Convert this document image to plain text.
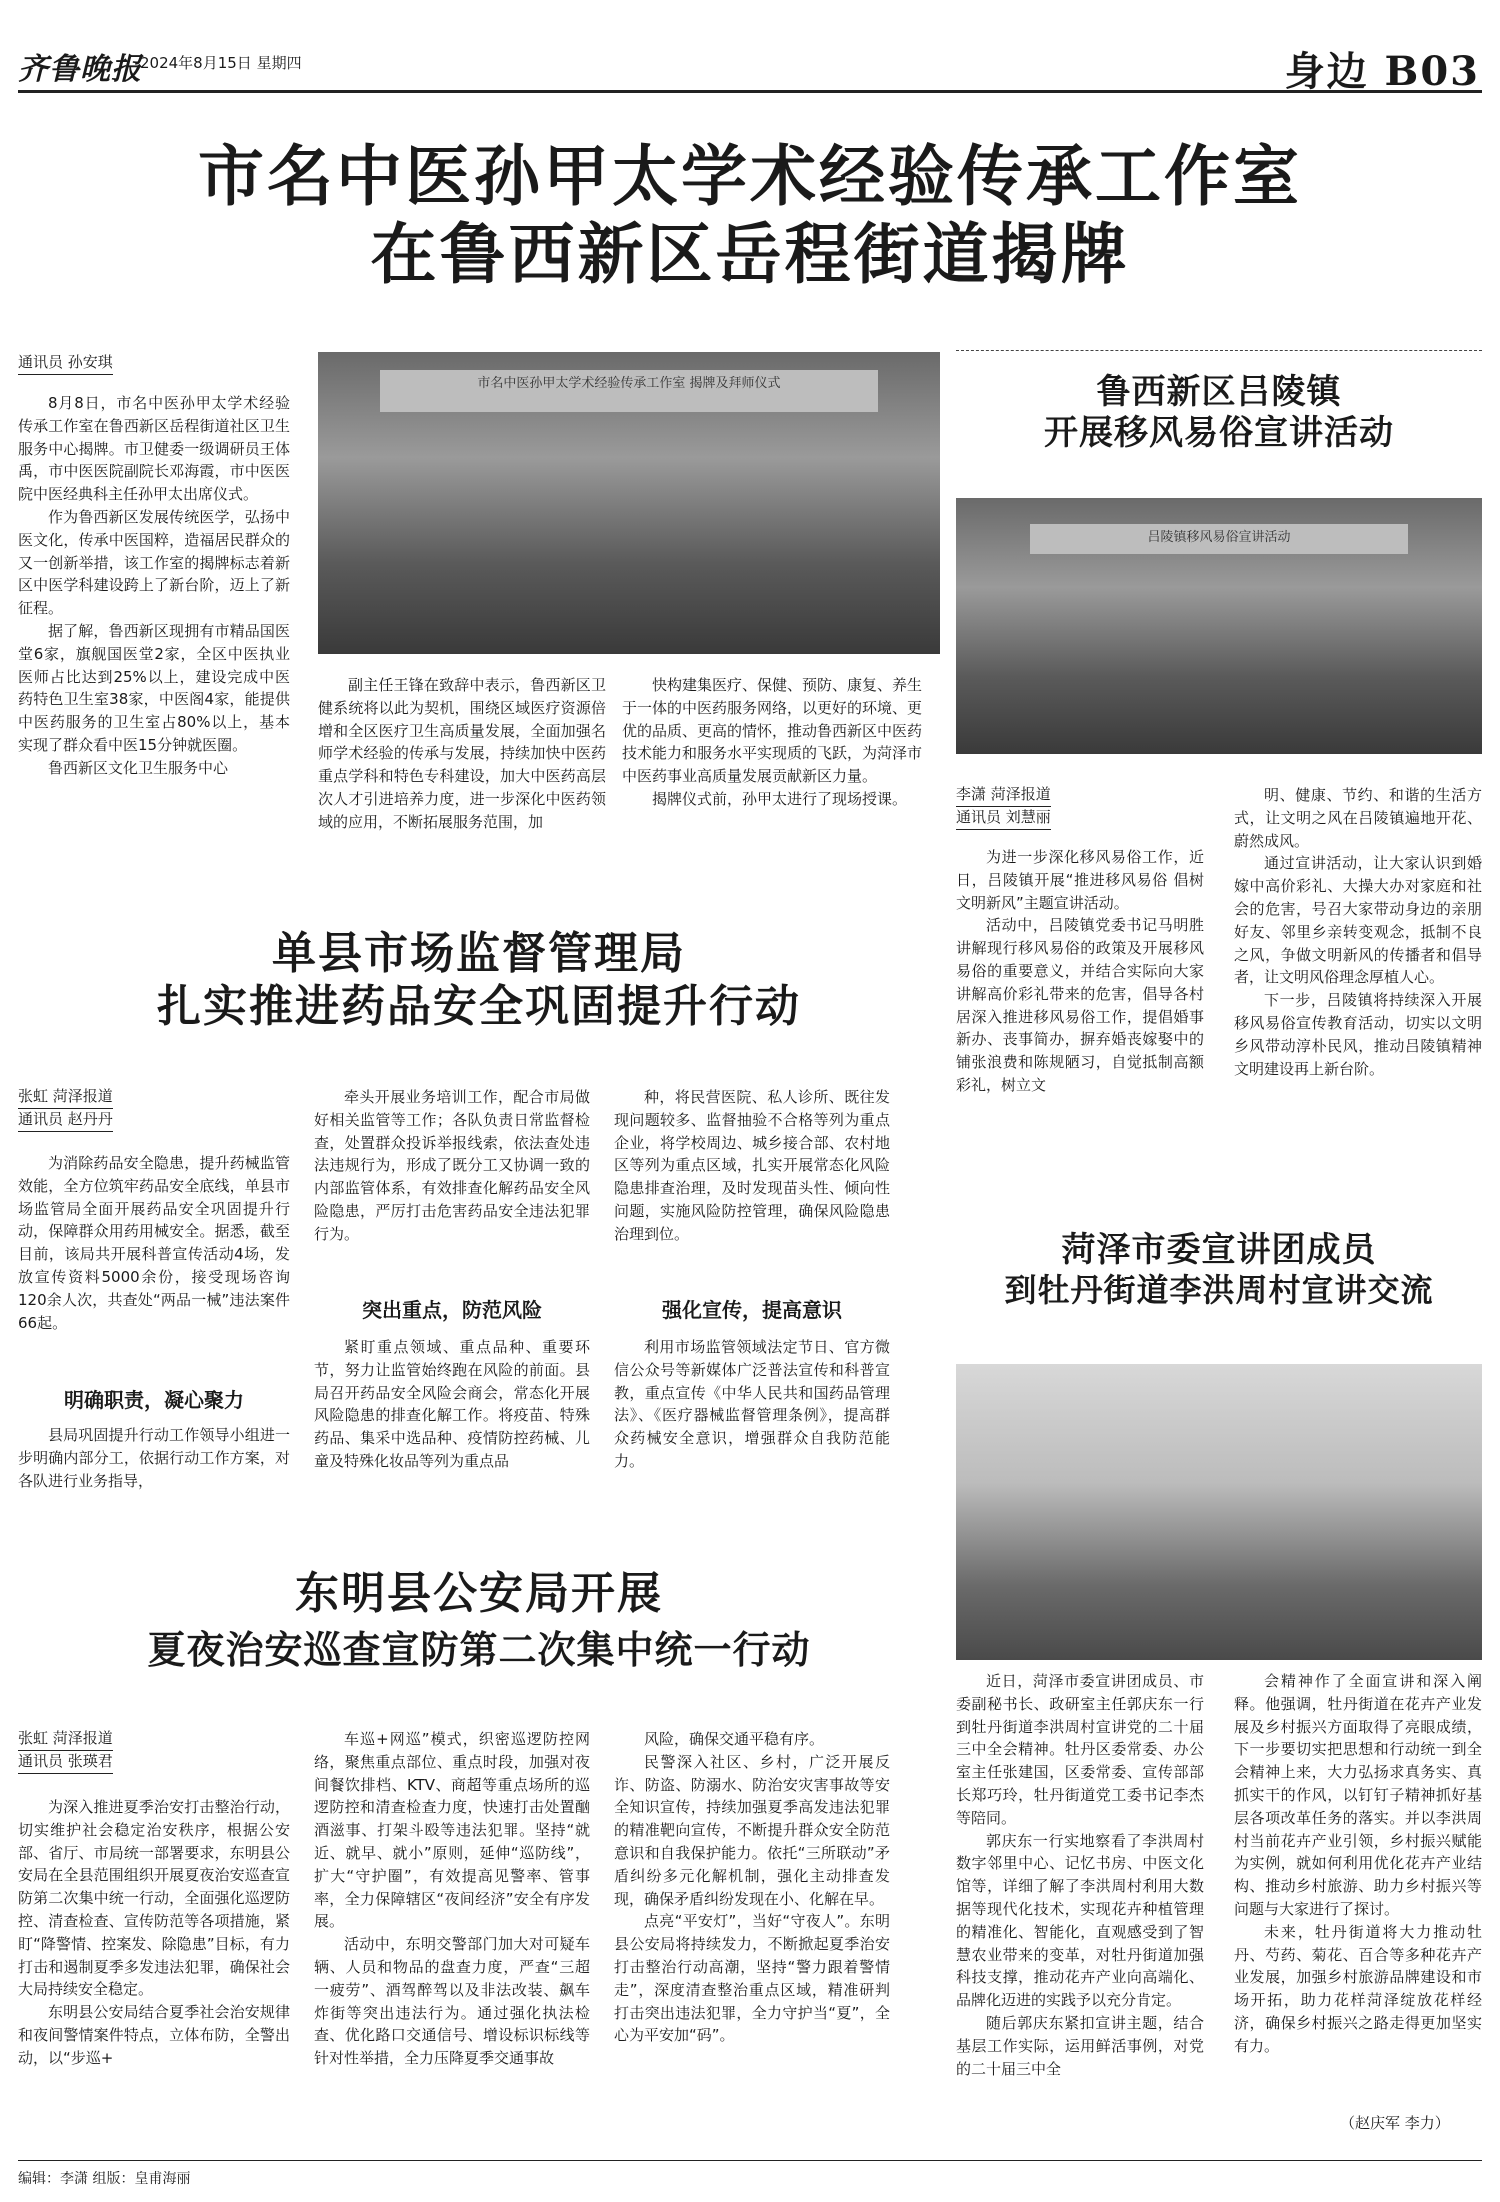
齐鲁晚报
2024年8月15日 星期四	身边 B03
市名中医孙甲太学术经验传承工作室
在鲁西新区岳程街道揭牌
通讯员 孙安琪

8月8日，市名中医孙甲太学术经验传承工作室在鲁西新区岳程街道社区卫生服务中心揭牌。市卫健委一级调研员王体禹，市中医医院副院长邓海霞，市中医医院中医经典科主任孙甲太出席仪式。

作为鲁西新区发展传统医学，弘扬中医文化，传承中医国粹，造福居民群众的又一创新举措，该工作室的揭牌标志着新区中医学科建设跨上了新台阶，迈上了新征程。

据了解，鲁西新区现拥有市精品国医堂6家，旗舰国医堂2家，全区中医执业医师占比达到25%以上，建设完成中医药特色卫生室38家，中医阁4家，能提供中医药服务的卫生室占80%以上，基本实现了群众看中医15分钟就医圈。

鲁西新区文化卫生服务中心

市名中医孙甲太学术经验传承工作室 揭牌及拜师仪式

副主任王锋在致辞中表示，鲁西新区卫健系统将以此为契机，围绕区域医疗资源倍增和全区医疗卫生高质量发展，全面加强名师学术经验的传承与发展，持续加快中医药重点学科和特色专科建设，加大中医药高层次人才引进培养力度，进一步深化中医药领域的应用，不断拓展服务范围，加

快构建集医疗、保健、预防、康复、养生于一体的中医药服务网络，以更好的环境、更优的品质、更高的情怀，推动鲁西新区中医药技术能力和服务水平实现质的飞跃，为菏泽市中医药事业高质量发展贡献新区力量。

揭牌仪式前，孙甲太进行了现场授课。

单县市场监督管理局
扎实推进药品安全巩固提升行动
张虹 菏泽报道
通讯员 赵丹丹

为消除药品安全隐患，提升药械监管效能，全方位筑牢药品安全底线，单县市场监管局全面开展药品安全巩固提升行动，保障群众用药用械安全。据悉，截至目前，该局共开展科普宣传活动4场，发放宣传资料5000余份，接受现场咨询120余人次，共查处“两品一械”违法案件66起。

明确职责，凝心聚力

县局巩固提升行动工作领导小组进一步明确内部分工，依据行动工作方案，对各队进行业务指导，

牵头开展业务培训工作，配合市局做好相关监管等工作；各队负责日常监督检查，处置群众投诉举报线索，依法查处违法违规行为，形成了既分工又协调一致的内部监管体系，有效排查化解药品安全风险隐患，严厉打击危害药品安全违法犯罪行为。

突出重点，防范风险

紧盯重点领域、重点品种、重要环节，努力让监管始终跑在风险的前面。县局召开药品安全风险会商会，常态化开展风险隐患的排查化解工作。将疫苗、特殊药品、集采中选品种、疫情防控药械、儿童及特殊化妆品等列为重点品

种，将民营医院、私人诊所、既往发现问题较多、监督抽验不合格等列为重点企业，将学校周边、城乡接合部、农村地区等列为重点区域，扎实开展常态化风险隐患排查治理，及时发现苗头性、倾向性问题，实施风险防控管理，确保风险隐患治理到位。

强化宣传，提高意识

利用市场监管领域法定节日、官方微信公众号等新媒体广泛普法宣传和科普宣教，重点宣传《中华人民共和国药品管理法》、《医疗器械监督管理条例》，提高群众药械安全意识，增强群众自我防范能力。

东明县公安局开展
夏夜治安巡查宣防第二次集中统一行动
张虹 菏泽报道
通讯员 张瑛君

为深入推进夏季治安打击整治行动，切实维护社会稳定治安秩序，根据公安部、省厅、市局统一部署要求，东明县公安局在全县范围组织开展夏夜治安巡查宣防第二次集中统一行动，全面强化巡逻防控、清查检查、宣传防范等各项措施，紧盯“降警情、控案发、除隐患”目标，有力打击和遏制夏季多发违法犯罪，确保社会大局持续安全稳定。

东明县公安局结合夏季社会治安规律和夜间警情案件特点，立体布防，全警出动，以“步巡+

车巡+网巡”模式，织密巡逻防控网络，聚焦重点部位、重点时段，加强对夜间餐饮排档、KTV、商超等重点场所的巡逻防控和清查检查力度，快速打击处置酗酒滋事、打架斗殴等违法犯罪。坚持“就近、就早、就小”原则，延伸“巡防线”，扩大“守护圈”，有效提高见警率、管事率，全力保障辖区“夜间经济”安全有序发展。

活动中，东明交警部门加大对可疑车辆、人员和物品的盘查力度，严查“三超一疲劳”、酒驾醉驾以及非法改装、飙车炸街等突出违法行为。通过强化执法检查、优化路口交通信号、增设标识标线等针对性举措，全力压降夏季交通事故

风险，确保交通平稳有序。

民警深入社区、乡村，广泛开展反诈、防盗、防溺水、防治安灾害事故等安全知识宣传，持续加强夏季高发违法犯罪的精准靶向宣传，不断提升群众安全防范意识和自我保护能力。依托“三所联动”矛盾纠纷多元化解机制，强化主动排查发现，确保矛盾纠纷发现在小、化解在早。

点亮“平安灯”，当好“守夜人”。东明县公安局将持续发力，不断掀起夏季治安打击整治行动高潮，坚持“警力跟着警情走”，深度清查整治重点区域，精准研判打击突出违法犯罪，全力守护当“夏”，全心为平安加“码”。

鲁西新区吕陵镇
开展移风易俗宣讲活动
吕陵镇移风易俗宣讲活动
李潇 菏泽报道
通讯员 刘慧丽

为进一步深化移风易俗工作，近日，吕陵镇开展“推进移风易俗 倡树文明新风”主题宣讲活动。

活动中，吕陵镇党委书记马明胜讲解现行移风易俗的政策及开展移风易俗的重要意义，并结合实际向大家讲解高价彩礼带来的危害，倡导各村居深入推进移风易俗工作，提倡婚事新办、丧事简办，摒弃婚丧嫁娶中的铺张浪费和陈规陋习，自觉抵制高额彩礼，树立文

明、健康、节约、和谐的生活方式，让文明之风在吕陵镇遍地开花、蔚然成风。

通过宣讲活动，让大家认识到婚嫁中高价彩礼、大操大办对家庭和社会的危害，号召大家带动身边的亲朋好友、邻里乡亲转变观念，抵制不良之风，争做文明新风的传播者和倡导者，让文明风俗理念厚植人心。

下一步，吕陵镇将持续深入开展移风易俗宣传教育活动，切实以文明乡风带动淳朴民风，推动吕陵镇精神文明建设再上新台阶。

菏泽市委宣讲团成员
到牡丹街道李洪周村宣讲交流

近日，菏泽市委宣讲团成员、市委副秘书长、政研室主任郭庆东一行到牡丹街道李洪周村宣讲党的二十届三中全会精神。牡丹区委常委、办公室主任张建国，区委常委、宣传部部长郑巧玲，牡丹街道党工委书记李杰等陪同。

郭庆东一行实地察看了李洪周村数字邻里中心、记忆书房、中医文化馆等，详细了解了李洪周村利用大数据等现代化技术，实现花卉种植管理的精准化、智能化，直观感受到了智慧农业带来的变革，对牡丹街道加强科技支撑，推动花卉产业向高端化、品牌化迈进的实践予以充分肯定。

随后郭庆东紧扣宣讲主题，结合基层工作实际，运用鲜活事例，对党的二十届三中全

会精神作了全面宣讲和深入阐释。他强调，牡丹街道在花卉产业发展及乡村振兴方面取得了亮眼成绩，下一步要切实把思想和行动统一到全会精神上来，大力弘扬求真务实、真抓实干的作风，以钉钉子精神抓好基层各项改革任务的落实。并以李洪周村当前花卉产业引领，乡村振兴赋能为实例，就如何利用优化花卉产业结构、推动乡村旅游、助力乡村振兴等问题与大家进行了探讨。

未来，牡丹街道将大力推动牡丹、芍药、菊花、百合等多种花卉产业发展，加强乡村旅游品牌建设和市场开拓，助力花样菏泽绽放花样经济，确保乡村振兴之路走得更加坚实有力。

（赵庆军 李力）
编辑：李潇 组版：皇甫海丽
